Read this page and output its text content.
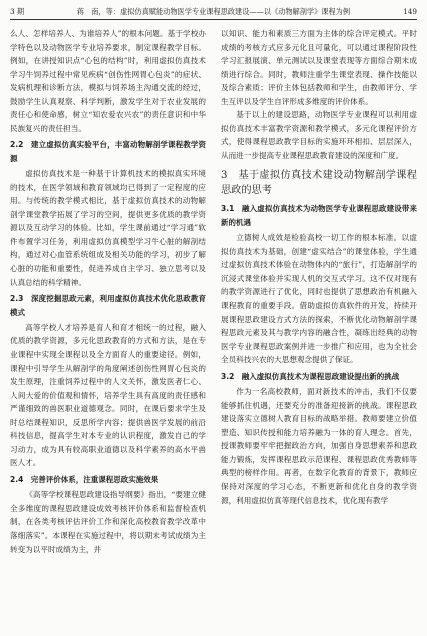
3 期	蒋　南，等：虚拟仿真赋能动物医学专业课程思政建设——以《动物解剖学》课程为例	149

么人、怎样培养人、为谁培养人”的根本问题。基于学校办学特色以及动物医学专业培养要求，制定课程教学目标。例如，在讲授知识点“心包的结构”时，利用虚拟仿真技术学习牛饲养过程中常见疾病“创伤性网胃心包炎”的症状、发病机理和诊断方法，模拟与饲养场主沟通交流的经过，鼓励学生认真观察、科学判断，激发学生对于农业发展的责任心和使命感，树立“知农爱农兴农”的责任意识和中华民族复兴的责任担当。

2.2　建立虚拟仿真实验平台，丰富动物解剖学课程教学资源

虚拟仿真技术是一种基于计算机技术的模拟真实环境的技术，在医学领域和教育领域均已得到了一定程度的应用。与传统的教学模式相比，基于虚拟仿真技术的动物解剖学课堂教学拓展了学习的空间，提供更多优质的教学资源以及互动学习的体验。比如，学生课前通过“学习通”软件布置学习任务，利用虚拟仿真模型学习牛心脏的解剖结构，通过对心血管系统组成及相关功能的学习，初步了解心脏的功能和重要性，促进养成自主学习、独立思考以及认真总结的科学精神。

2.3　深度挖掘思政元素，利用虚拟仿真技术优化思政教育模式

高等学校人才培养是育人和育才相统一的过程，融入优质的教学资源，多元化思政教育的方式和方法，是在专业课程中实现全课程以及全方面育人的重要途径。例如，课程中引导学生从解剖学的角度阐述创伤性网胃心包炎的发生原理，注重饲养过程中的人文关怀，激发医者仁心、人间大爱的价值观和情怀，培养学生具有高度的责任感和严谨细致的兽医职业道德观念。同时，在课后要求学生及时总结课程知识，反思所学内容；提供兽医学发展的前沿科技信息，提高学生对本专业的认识程度，激发自己的学习动力，成为具有较高职业道德以及科学素养的高水平兽医人才。

2.4　完善评价体系，注重课程思政实施效果

《高等学校课程思政建设指导纲要》指出，“要建立健全多维度的课程思政建设成效考核评价体系和监督检查机制，在各类考核评估评价工作和深化高校教育教学改革中落细落实”。本课程在实施过程中，将以期末考试成绩为主转变为以平时成绩为主，并

以知识、能力和素质三方面为主体的综合评定模式。平时成绩的考核方式应多元化且可量化，可以通过课程阶段性学习汇报展演、单元测试以及课堂表现等方面综合期末成绩进行综合。同时，教师注重学生课堂表现、操作技能以及综合素质；评价主体包括教师和学生，由教师评分、学生互评以及学生自评形成多维度的评价体系。

基于以上的建设思路，动物医学专业课程可以利用虚拟仿真技术丰富教学资源和教学模式，多元化课程评价方式，使得课程思政教学目标的实施环环相扣、层层深入，从而进一步提高专业课程思政教育建设的深度和广度。

3　基于虚拟仿真技术建设动物解剖学课程思政的思考
3.1　融入虚拟仿真技术为动物医学专业课程思政建设带来新的机遇

立德树人成效是检验高校一切工作的根本标准。以虚拟仿真技术为基础，创建“虚实结合”的课堂体验，学生通过虚拟仿真技术体验在动物体内的“旅行”，打造解剖学的沉浸式课堂体验并实现人机的交互式学习。这不仅对现有的教学资源进行了优化，同时也提供了思想政治有机融入课程教育的重要手段。借助虚拟仿真软件的开发，持续开展课程思政建设方式方法的探索，不断优化动物解剖学课程思政元素及其与教学内容的融合性，凝练出经典的动物医学专业课程思政案例并进一步推广和应用，也为全社会全员科技兴农的大思想观念提供了保证。

3.2　融入虚拟仿真技术为课程思政建设提出新的挑战

作为一名高校教师，面对新技术的冲击，我们不仅要能够抓住机遇，还要充分的准备迎接新的挑战。课程思政建设落实立德树人教育目标的战略举措。教师要建立价值塑造、知识传授和能力培养融为一体的育人理念。首先，授课教师要牢牢把握政治方向，加强自身思想素养和思政能力锻炼，发挥课程思政示范课程、课程思政优秀教师等典型的榜样作用。再者，在数字化教育的背景下，教师应保持对深度的学习心态，不断更新和优化自身的教学资源，利用虚拟仿真等现代信息技术，优化现有教学
